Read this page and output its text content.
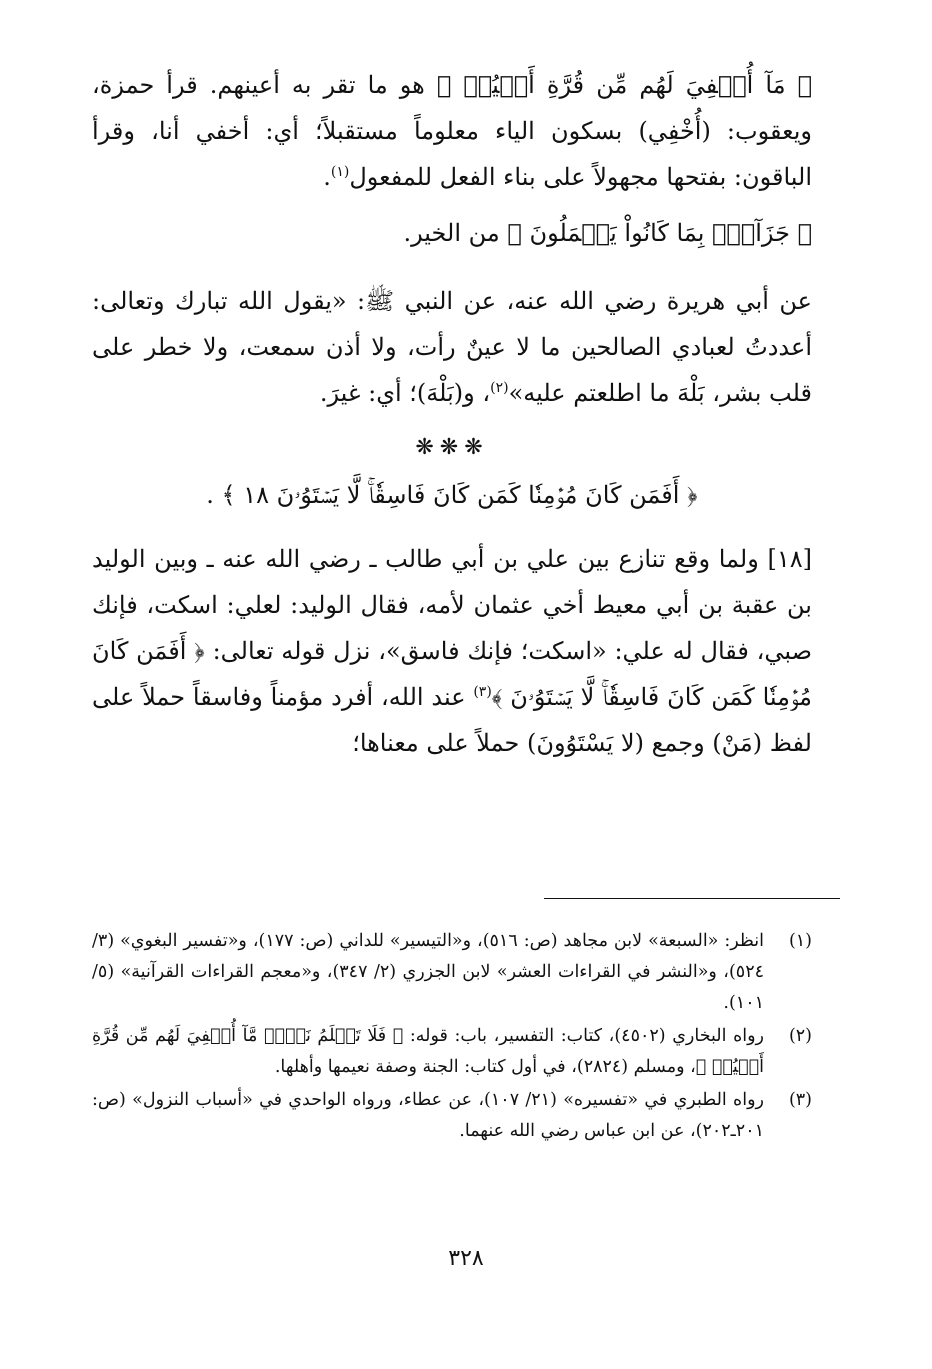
﴿ مَآ أُخۡفِيَ لَهُم مِّن قُرَّةِ أَعۡيُنٖ ﴾ هو ما تقر به أعينهم. قرأ حمزة، ويعقوب: (أُخْفِي) بسكون الياء معلوماً مستقبلاً؛ أي: أخفي أنا، وقرأ الباقون: بفتحها مجهولاً على بناء الفعل للمفعول$^{(١)}$.

﴿ جَزَآءَۢ بِمَا كَانُواْ يَعۡمَلُونَ ﴾ من الخير.

عن أبي هريرة رضي الله عنه، عن النبي ﷺ: «يقول الله تبارك وتعالى: أعددتُ لعبادي الصالحين ما لا عينٌ رأت، ولا أذن سمعت، ولا خطر على قلب بشر، بَلْهَ ما اطلعتم عليه»$^{(٢)}$، و(بَلْهَ)؛ أي: غيرَ.

❋❋❋

﴿ أَفَمَن كَانَ مُؤۡمِنٗا كَمَن كَانَ فَاسِقٗاۚ لَّا يَسۡتَوُۥنَ ١٨ ﴾ .

[١٨] ولما وقع تنازع بين علي بن أبي طالب ـ رضي الله عنه ـ وبين الوليد بن عقبة بن أبي معيط أخي عثمان لأمه، فقال الوليد: لعلي: اسكت، فإنك صبي، فقال له علي: «اسكت؛ فإنك فاسق»، نزل قوله تعالى: ﴿ أَفَمَن كَانَ مُؤۡمِنٗا كَمَن كَانَ فَاسِقٗاۚ لَّا يَسۡتَوُۥنَ ﴾$^{(٣)}$ عند الله، أفرد مؤمناً وفاسقاً حملاً على لفظ (مَنْ) وجمع (لا يَسْتَوُونَ) حملاً على معناها؛

(١)
انظر: «السبعة» لابن مجاهد (ص: ٥١٦)، و«التيسير» للداني (ص: ١٧٧)، و«تفسير البغوي» (٣/ ٥٢٤)، و«النشر في القراءات العشر» لابن الجزري (٢/ ٣٤٧)، و«معجم القراءات القرآنية» (٥/ ١٠١).
(٢)
رواه البخاري (٤٥٠٢)، كتاب: التفسير، باب: قوله: ﴿ فَلَا تَعۡلَمُ نَفۡسٞ مَّآ أُخۡفِيَ لَهُم مِّن قُرَّةِ أَعۡيُنٖ ﴾، ومسلم (٢٨٢٤)، في أول كتاب: الجنة وصفة نعيمها وأهلها.
(٣)
رواه الطبري في «تفسيره» (٢١/ ١٠٧)، عن عطاء، ورواه الواحدي في «أسباب النزول» (ص: ٢٠١ـ٢٠٢)، عن ابن عباس رضي الله عنهما.
٣٢٨
